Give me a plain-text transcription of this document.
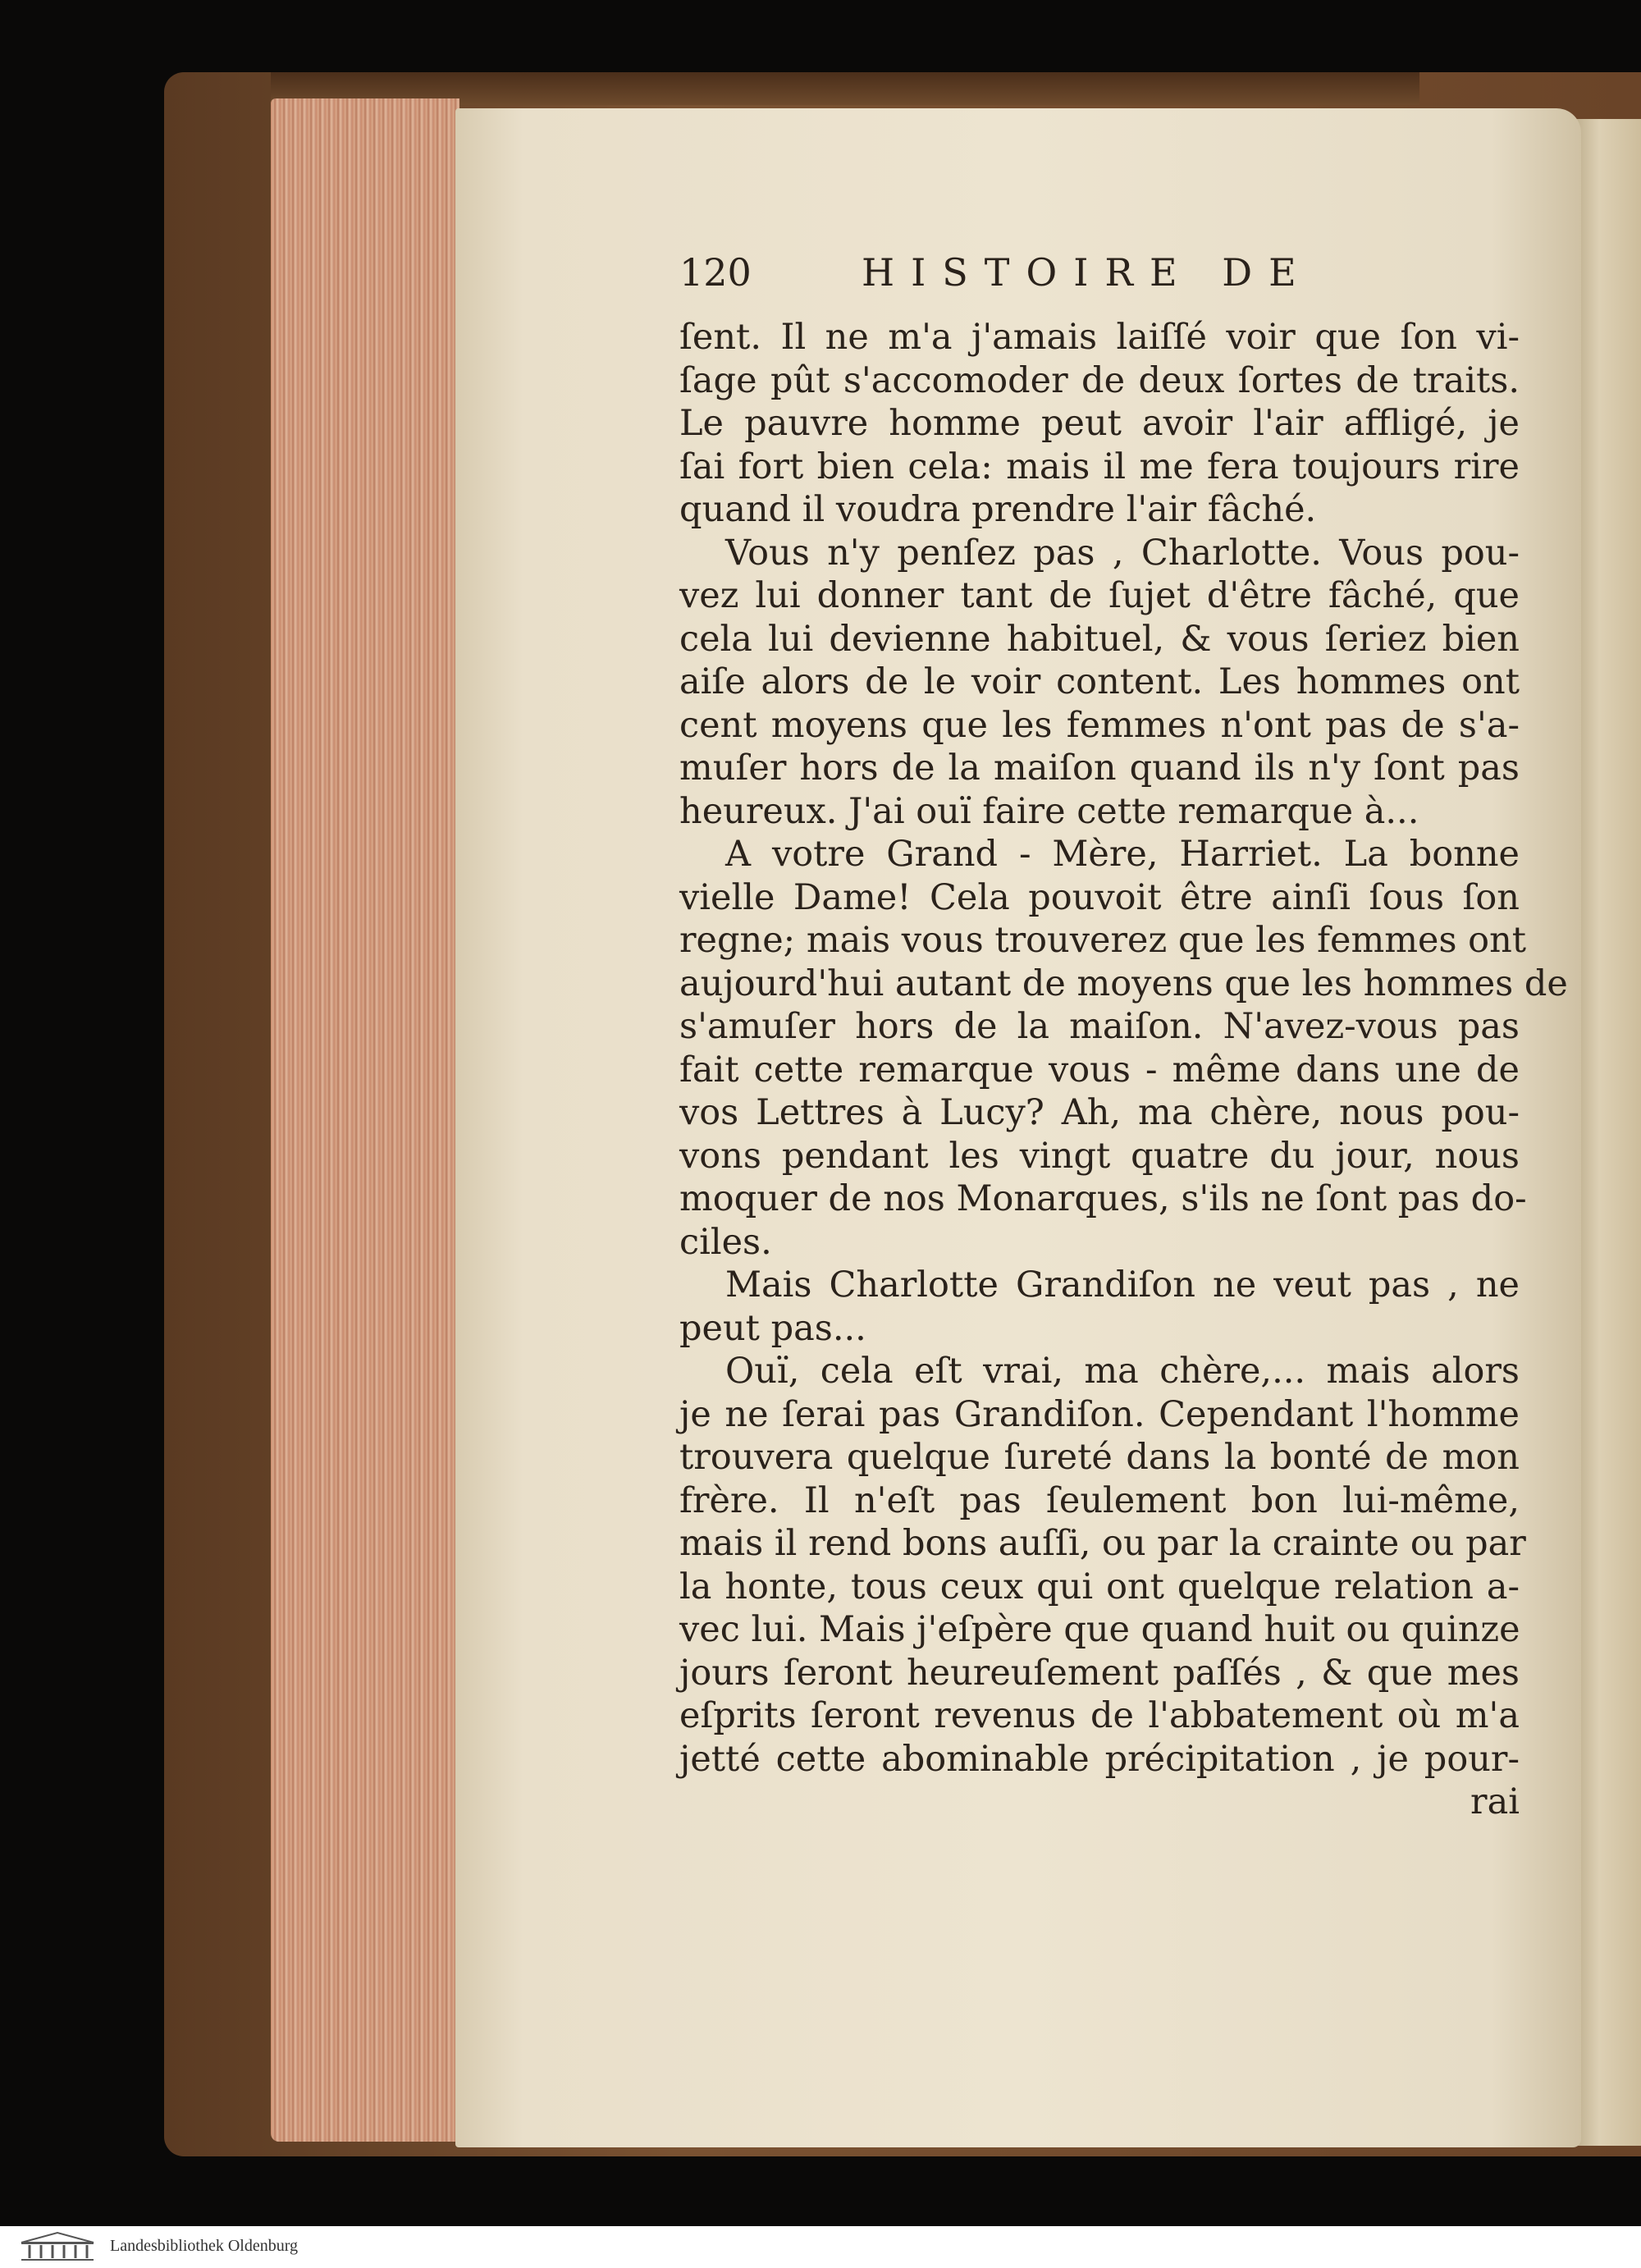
120	HISTOIRE DE
ſent. Il ne m'a j'amais laiſſé voir que ſon vi-
ſage pût s'accomoder de deux ſortes de traits.
Le pauvre homme peut avoir l'air affligé, je
ſai fort bien cela: mais il me fera toujours rire
quand il voudra prendre l'air fâché.
Vous n'y penſez pas , Charlotte. Vous pou-
vez lui donner tant de ſujet d'être fâché, que
cela lui devienne habituel, & vous ſeriez bien
aiſe alors de le voir content. Les hommes ont
cent moyens que les femmes n'ont pas de s'a-
muſer hors de la maiſon quand ils n'y ſont pas
heureux. J'ai ouï faire cette remarque à...
A votre Grand - Mère, Harriet. La bonne
vielle Dame! Cela pouvoit être ainſi ſous ſon
regne; mais vous trouverez que les femmes ont
aujourd'hui autant de moyens que les hommes de
s'amuſer hors de la maiſon. N'avez-vous pas
fait cette remarque vous - même dans une de
vos Lettres à Lucy? Ah, ma chère, nous pou-
vons pendant les vingt quatre du jour, nous
moquer de nos Monarques, s'ils ne ſont pas do-
ciles.
Mais Charlotte Grandiſon ne veut pas , ne
peut pas...
Ouï, cela eſt vrai, ma chère,... mais alors
je ne ſerai pas Grandiſon. Cependant l'homme
trouvera quelque ſureté dans la bonté de mon
frère. Il n'eſt pas ſeulement bon lui-même,
mais il rend bons auſſi, ou par la crainte ou par
la honte, tous ceux qui ont quelque relation a-
vec lui. Mais j'eſpère que quand huit ou quinze
jours ſeront heureuſement paſſés , & que mes
eſprits ſeront revenus de l'abbatement où m'a
jetté cette abominable précipitation , je pour-
rai
Landesbibliothek Oldenburg
